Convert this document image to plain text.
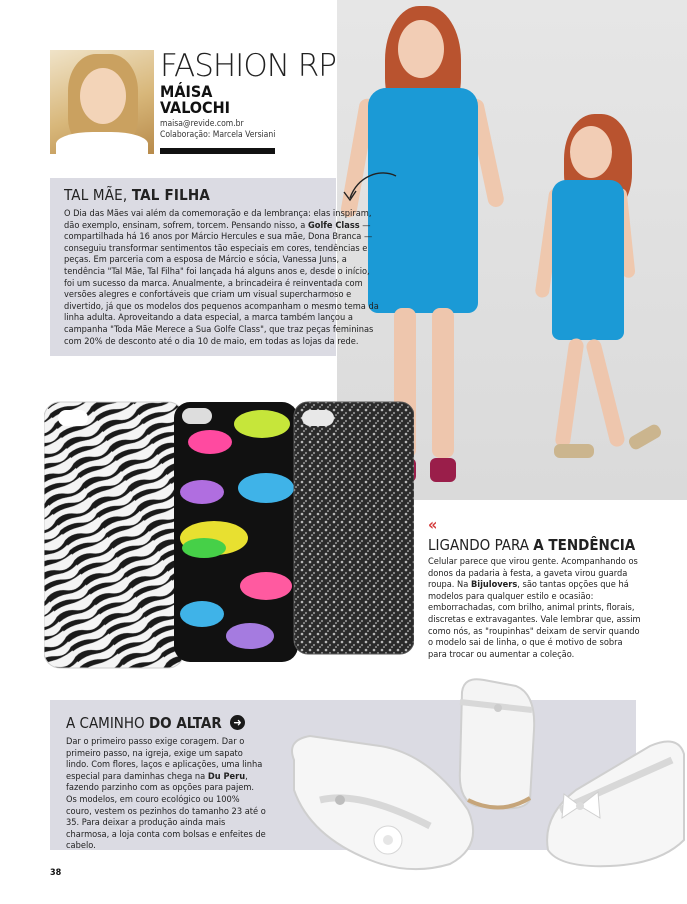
FASHION RP
MÁISA
VALOCHI
maisa@revide.com.br
Colaboração: Marcela Versiani
TAL MÃE, TAL FILHA
O Dia das Mães vai além da comemoração e da lembrança: elas inspiram, dão exemplo, ensinam, sofrem, torcem. Pensando nisso, a Golfe Class — compartilhada há 16 anos por Márcio Hercules e sua mãe, Dona Branca — conseguiu transformar sentimentos tão especiais em cores, tendências e peças. Em parceria com a esposa de Márcio e sócia, Vanessa Juns, a tendência "Tal Mãe, Tal Filha" foi lançada há alguns anos e, desde o início, foi um sucesso da marca. Anualmente, a brincadeira é reinventada com versões alegres e confortáveis que criam um visual supercharmoso e divertido, já que os modelos dos pequenos acompanham o mesmo tema da linha adulta. Aproveitando a data especial, a marca também lançou a campanha "Toda Mãe Merece a Sua Golfe Class", que traz peças femininas com 20% de desconto até o dia 10 de maio, em todas as lojas da rede.
«
LIGANDO PARA A TENDÊNCIA
Celular parece que virou gente. Acompanhando os donos da padaria à festa, a gaveta virou guarda roupa. Na Bijulovers, são tantas opções que há modelos para qualquer estilo e ocasião: emborrachadas, com brilho, animal prints, florais, discretas e extravagantes. Vale lembrar que, assim como nós, as "roupinhas" deixam de servir quando o modelo sai de linha, o que é motivo de sobra para trocar ou aumentar a coleção.
A CAMINHO DO ALTAR ➜
Dar o primeiro passo exige coragem. Dar o primeiro passo, na igreja, exige um sapato lindo. Com flores, laços e aplicações, uma linha especial para daminhas chega na Du Peru, fazendo parzinho com as opções para pajem. Os modelos, em couro ecológico ou 100% couro, vestem os pezinhos do tamanho 23 até o 35. Para deixar a produção ainda mais charmosa, a loja conta com bolsas e enfeites de cabelo.
38
